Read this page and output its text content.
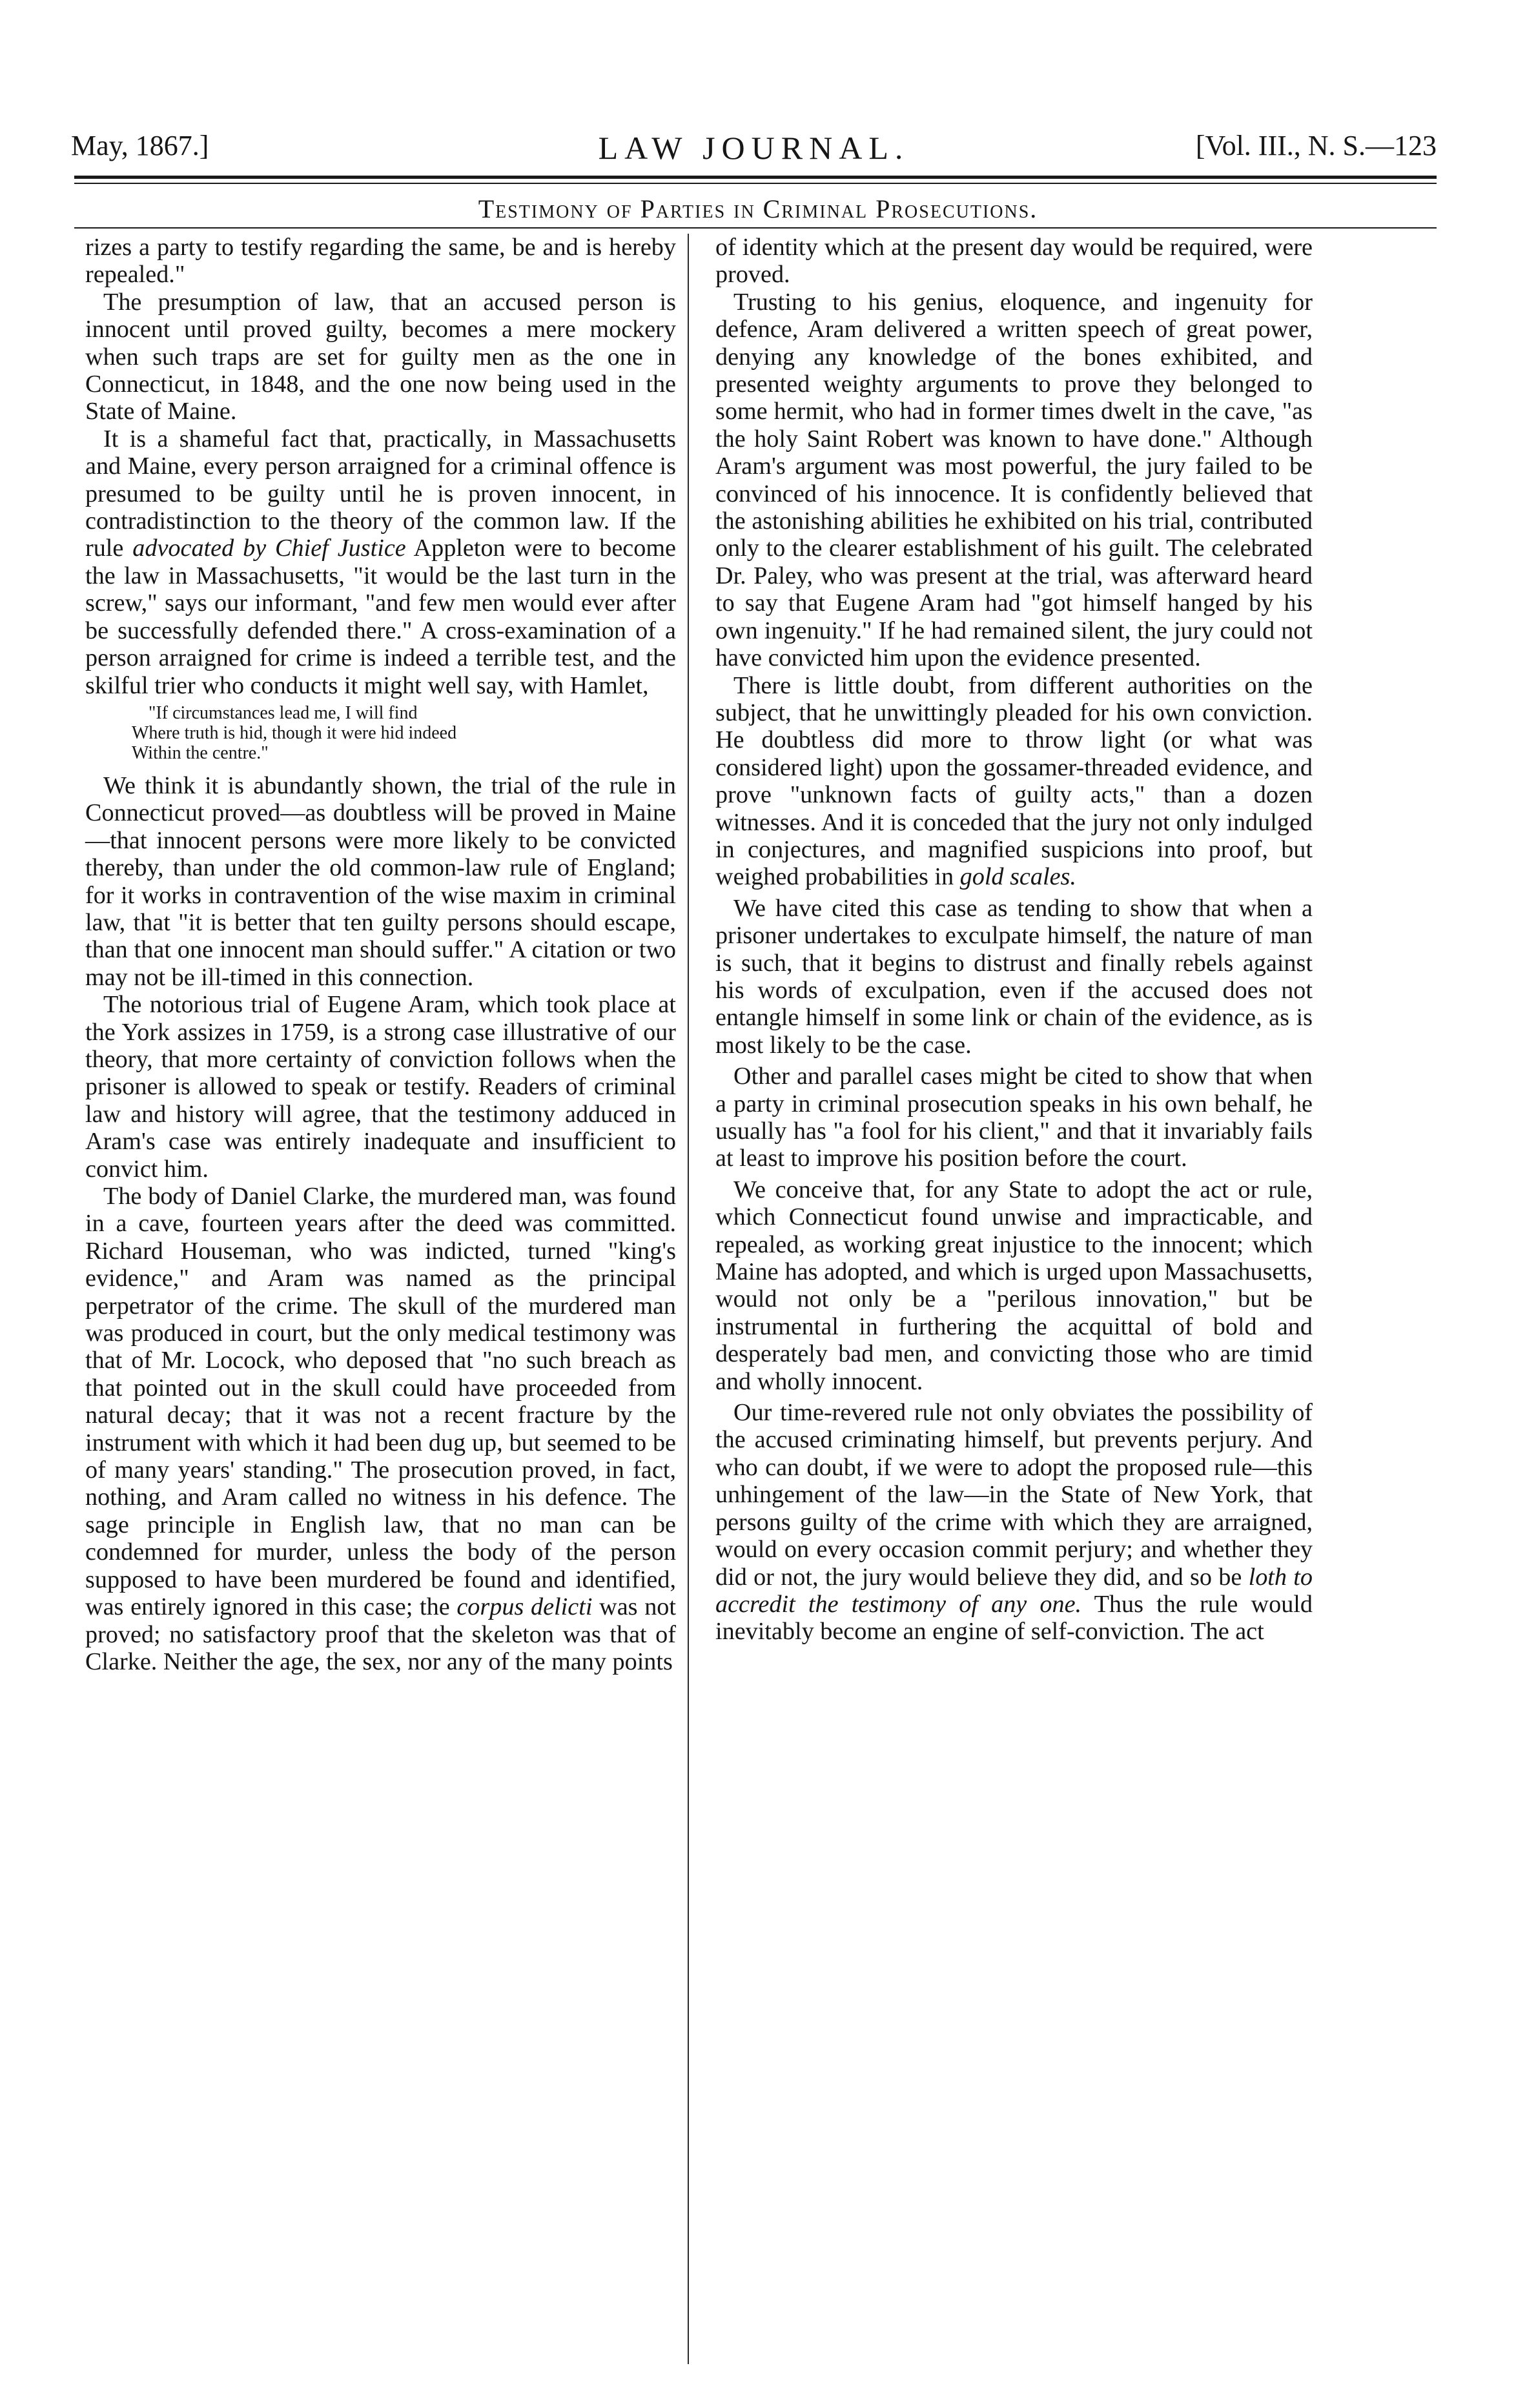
May, 1867.]	LAW JOURNAL.	[Vol. III., N. S.—123
Testimony of Parties in Criminal Prosecutions.

rizes a party to testify regarding the same, be and is hereby repealed."

The presumption of law, that an accused person is innocent until proved guilty, becomes a mere mockery when such traps are set for guilty men as the one in Connecticut, in 1848, and the one now being used in the State of Maine.

It is a shameful fact that, practically, in Massachusetts and Maine, every person arraigned for a criminal offence is presumed to be guilty until he is proven innocent, in contradistinction to the theory of the common law. If the rule advocated by Chief Justice Appleton were to become the law in Massachusetts, "it would be the last turn in the screw," says our informant, "and few men would ever after be successfully defended there." A cross-examination of a person arraigned for crime is indeed a terrible test, and the skilful trier who conducts it might well say, with Hamlet,

"If circumstances lead me, I will find
Where truth is hid, though it were hid indeed
Within the centre."

We think it is abundantly shown, the trial of the rule in Connecticut proved—as doubtless will be proved in Maine—that innocent persons were more likely to be convicted thereby, than under the old common-law rule of England; for it works in contravention of the wise maxim in criminal law, that "it is better that ten guilty persons should escape, than that one innocent man should suffer." A citation or two may not be ill-timed in this connection.

The notorious trial of Eugene Aram, which took place at the York assizes in 1759, is a strong case illustrative of our theory, that more certainty of conviction follows when the prisoner is allowed to speak or testify. Readers of criminal law and history will agree, that the testimony adduced in Aram's case was entirely inadequate and insufficient to convict him.

The body of Daniel Clarke, the murdered man, was found in a cave, fourteen years after the deed was committed. Richard Houseman, who was indicted, turned "king's evidence," and Aram was named as the principal perpetrator of the crime. The skull of the murdered man was produced in court, but the only medical testimony was that of Mr. Locock, who deposed that "no such breach as that pointed out in the skull could have proceeded from natural decay; that it was not a recent fracture by the instrument with which it had been dug up, but seemed to be of many years' standing." The prosecution proved, in fact, nothing, and Aram called no witness in his defence. The sage principle in English law, that no man can be condemned for murder, unless the body of the person supposed to have been murdered be found and identified, was entirely ignored in this case; the corpus delicti was not proved; no satisfactory proof that the skeleton was that of Clarke. Neither the age, the sex, nor any of the many points

of identity which at the present day would be required, were proved.

Trusting to his genius, eloquence, and ingenuity for defence, Aram delivered a written speech of great power, denying any knowledge of the bones exhibited, and presented weighty arguments to prove they belonged to some hermit, who had in former times dwelt in the cave, "as the holy Saint Robert was known to have done." Although Aram's argument was most powerful, the jury failed to be convinced of his innocence. It is confidently believed that the astonishing abilities he exhibited on his trial, contributed only to the clearer establishment of his guilt. The celebrated Dr. Paley, who was present at the trial, was afterward heard to say that Eugene Aram had "got himself hanged by his own ingenuity." If he had remained silent, the jury could not have convicted him upon the evidence presented.

There is little doubt, from different authorities on the subject, that he unwittingly pleaded for his own conviction. He doubtless did more to throw light (or what was considered light) upon the gossamer-threaded evidence, and prove "unknown facts of guilty acts," than a dozen witnesses. And it is conceded that the jury not only indulged in conjectures, and magnified suspicions into proof, but weighed probabilities in gold scales.

We have cited this case as tending to show that when a prisoner undertakes to exculpate himself, the nature of man is such, that it begins to distrust and finally rebels against his words of exculpation, even if the accused does not entangle himself in some link or chain of the evidence, as is most likely to be the case.

Other and parallel cases might be cited to show that when a party in criminal prosecution speaks in his own behalf, he usually has "a fool for his client," and that it invariably fails at least to improve his position before the court.

We conceive that, for any State to adopt the act or rule, which Connecticut found unwise and impracticable, and repealed, as working great injustice to the innocent; which Maine has adopted, and which is urged upon Massachusetts, would not only be a "perilous innovation," but be instrumental in furthering the acquittal of bold and desperately bad men, and convicting those who are timid and wholly innocent.

Our time-revered rule not only obviates the possibility of the accused criminating himself, but prevents perjury. And who can doubt, if we were to adopt the proposed rule—this unhingement of the law—in the State of New York, that persons guilty of the crime with which they are arraigned, would on every occasion commit perjury; and whether they did or not, the jury would believe they did, and so be loth to accredit the testimony of any one. Thus the rule would inevitably become an engine of self-conviction. The act
